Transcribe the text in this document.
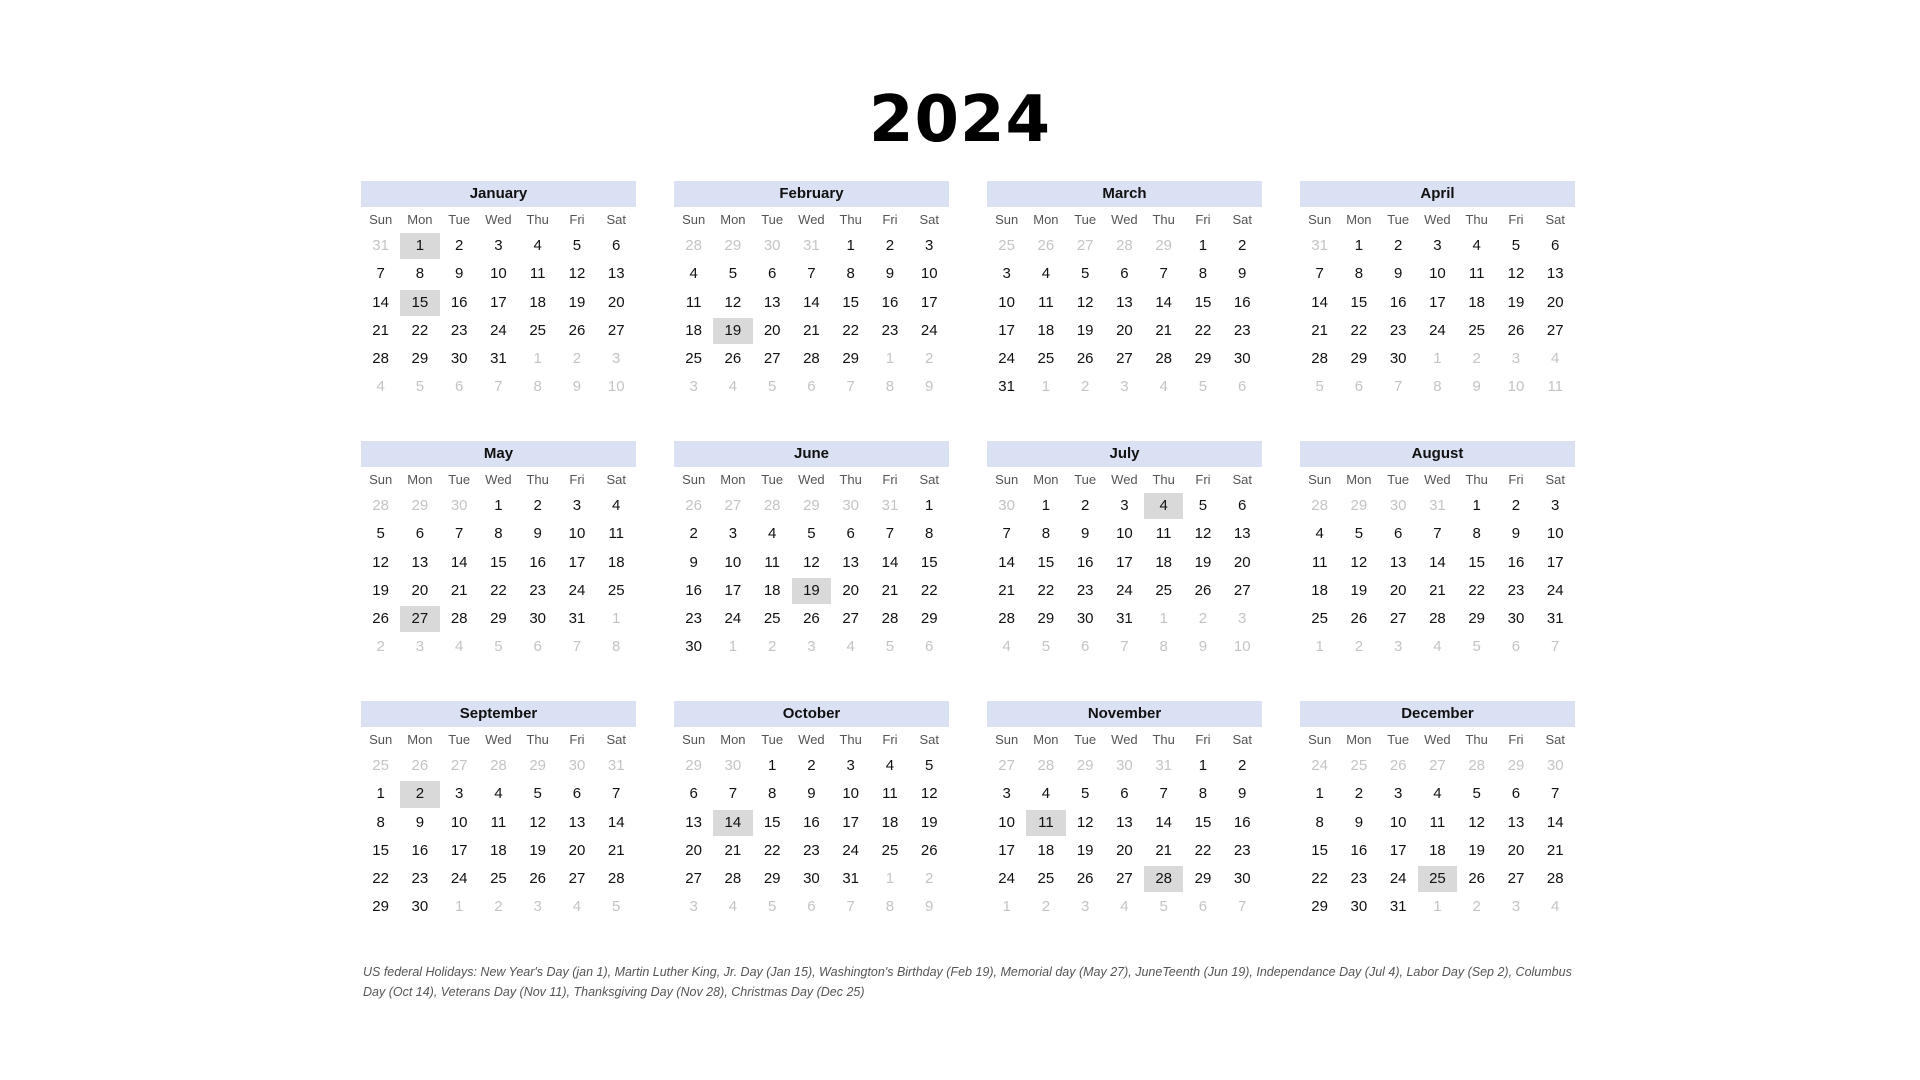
2024
January
Sun	Mon	Tue	Wed	Thu	Fri	Sat
31	1	2	3	4	5	6
7	8	9	10	11	12	13
14	15	16	17	18	19	20
21	22	23	24	25	26	27
28	29	30	31	1	2	3
4	5	6	7	8	9	10
February
Sun	Mon	Tue	Wed	Thu	Fri	Sat
28	29	30	31	1	2	3
4	5	6	7	8	9	10
11	12	13	14	15	16	17
18	19	20	21	22	23	24
25	26	27	28	29	1	2
3	4	5	6	7	8	9
March
Sun	Mon	Tue	Wed	Thu	Fri	Sat
25	26	27	28	29	1	2
3	4	5	6	7	8	9
10	11	12	13	14	15	16
17	18	19	20	21	22	23
24	25	26	27	28	29	30
31	1	2	3	4	5	6
April
Sun	Mon	Tue	Wed	Thu	Fri	Sat
31	1	2	3	4	5	6
7	8	9	10	11	12	13
14	15	16	17	18	19	20
21	22	23	24	25	26	27
28	29	30	1	2	3	4
5	6	7	8	9	10	11
May
Sun	Mon	Tue	Wed	Thu	Fri	Sat
28	29	30	1	2	3	4
5	6	7	8	9	10	11
12	13	14	15	16	17	18
19	20	21	22	23	24	25
26	27	28	29	30	31	1
2	3	4	5	6	7	8
June
Sun	Mon	Tue	Wed	Thu	Fri	Sat
26	27	28	29	30	31	1
2	3	4	5	6	7	8
9	10	11	12	13	14	15
16	17	18	19	20	21	22
23	24	25	26	27	28	29
30	1	2	3	4	5	6
July
Sun	Mon	Tue	Wed	Thu	Fri	Sat
30	1	2	3	4	5	6
7	8	9	10	11	12	13
14	15	16	17	18	19	20
21	22	23	24	25	26	27
28	29	30	31	1	2	3
4	5	6	7	8	9	10
August
Sun	Mon	Tue	Wed	Thu	Fri	Sat
28	29	30	31	1	2	3
4	5	6	7	8	9	10
11	12	13	14	15	16	17
18	19	20	21	22	23	24
25	26	27	28	29	30	31
1	2	3	4	5	6	7
September
Sun	Mon	Tue	Wed	Thu	Fri	Sat
25	26	27	28	29	30	31
1	2	3	4	5	6	7
8	9	10	11	12	13	14
15	16	17	18	19	20	21
22	23	24	25	26	27	28
29	30	1	2	3	4	5
October
Sun	Mon	Tue	Wed	Thu	Fri	Sat
29	30	1	2	3	4	5
6	7	8	9	10	11	12
13	14	15	16	17	18	19
20	21	22	23	24	25	26
27	28	29	30	31	1	2
3	4	5	6	7	8	9
November
Sun	Mon	Tue	Wed	Thu	Fri	Sat
27	28	29	30	31	1	2
3	4	5	6	7	8	9
10	11	12	13	14	15	16
17	18	19	20	21	22	23
24	25	26	27	28	29	30
1	2	3	4	5	6	7
December
Sun	Mon	Tue	Wed	Thu	Fri	Sat
24	25	26	27	28	29	30
1	2	3	4	5	6	7
8	9	10	11	12	13	14
15	16	17	18	19	20	21
22	23	24	25	26	27	28
29	30	31	1	2	3	4
US federal Holidays: New Year's Day (jan 1), Martin Luther King, Jr. Day (Jan 15), Washington's Birthday (Feb 19), Memorial day (May 27), JuneTeenth (Jun 19), Independance Day (Jul 4), Labor Day (Sep 2), Columbus Day (Oct 14), Veterans Day (Nov 11), Thanksgiving Day (Nov 28), Christmas Day (Dec 25)
